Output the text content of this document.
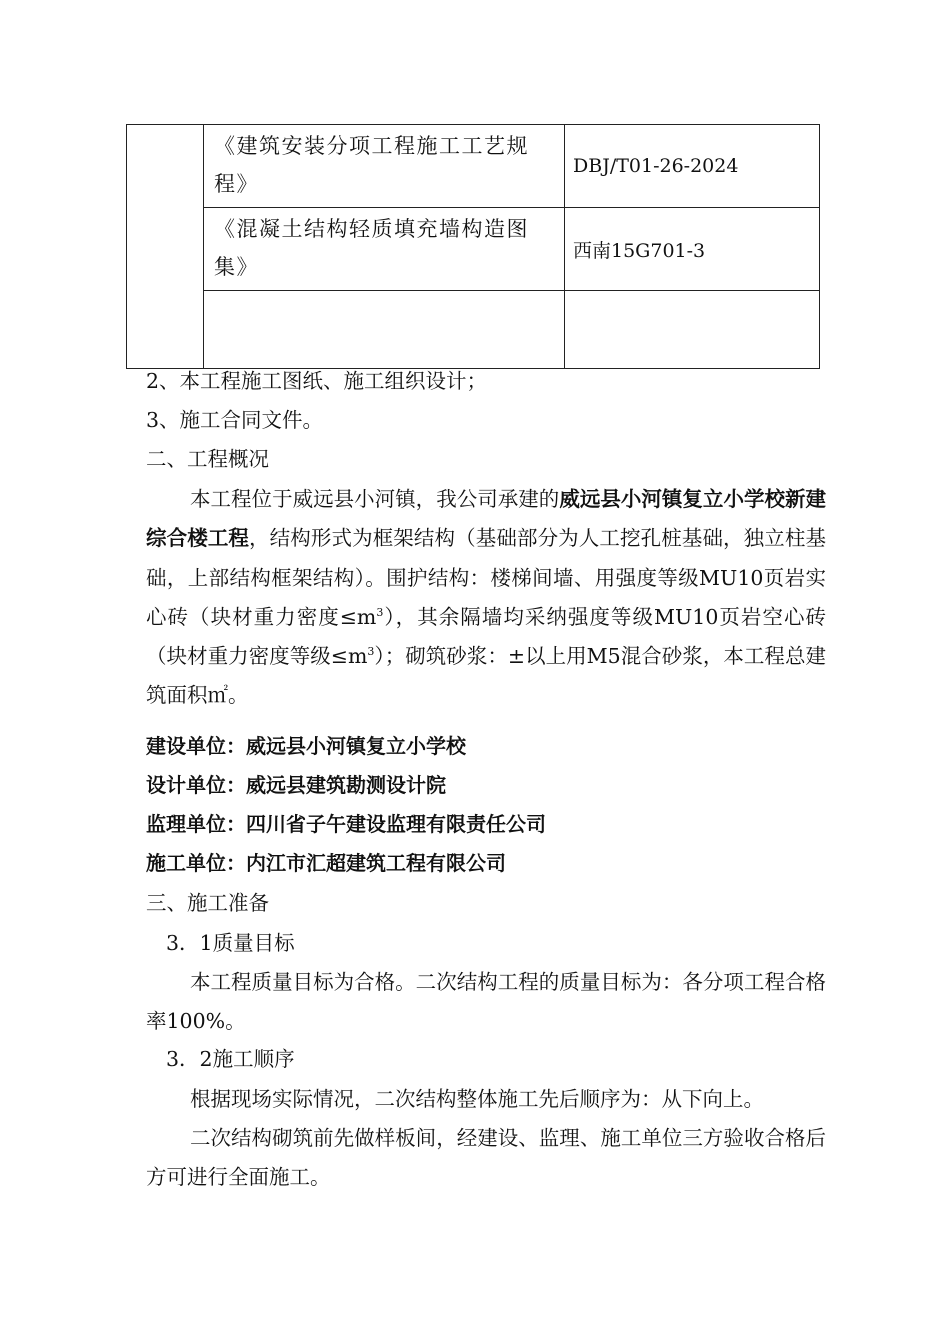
	《建筑安装分项工程施工工艺规程》	DBJ/T01-26-2024

	《混凝土结构轻质填充墙构造图集》	西南15G701-3

2、本工程施工图纸、施工组织设计；
3、施工合同文件。
二、工程概况
本工程位于威远县小河镇，我公司承建的威远县小河镇复立小学校新建综合楼工程，结构形式为框架结构（基础部分为人工挖孔桩基础，独立柱基础，上部结构框架结构）。围护结构：楼梯间墙、用强度等级MU10页岩实心砖（块材重力密度$\le m^3$），其余隔墙均采纳强度等级MU10页岩空心砖（块材重力密度等级$\le m^3$）；砌筑砂浆：±以上用M5混合砂浆，本工程总建筑面积㎡。
建设单位：威远县小河镇复立小学校
设计单位：威远县建筑勘测设计院
监理单位：四川省子午建设监理有限责任公司
施工单位：内江市汇超建筑工程有限公司
三、施工准备
3．1质量目标
本工程质量目标为合格。二次结构工程的质量目标为：各分项工程合格率100%。
3．2施工顺序
根据现场实际情况，二次结构整体施工先后顺序为：从下向上。
二次结构砌筑前先做样板间，经建设、监理、施工单位三方验收合格后方可进行全面施工。
